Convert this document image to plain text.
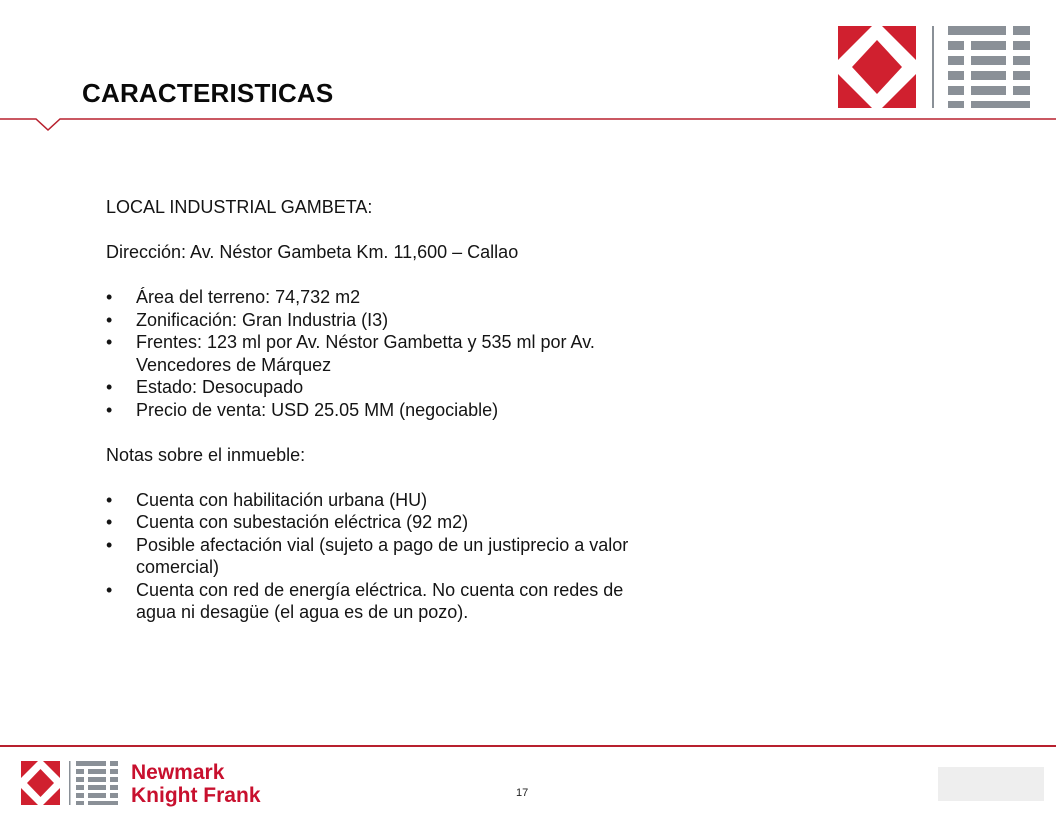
CARACTERISTICAS

LOCAL INDUSTRIAL GAMBETA:

Dirección: Av. Néstor Gambeta Km. 11,600 – Callao

• Área del terreno: 74,732 m2
• Zonificación: Gran Industria (I3)
• Frentes: 123 ml por Av. Néstor Gambetta y 535 ml por Av. Vencedores de Márquez
• Estado: Desocupado
• Precio de venta: USD 25.05 MM (negociable)

Notas sobre el inmueble:

• Cuenta con habilitación urbana (HU)
• Cuenta con subestación eléctrica (92 m2)
• Posible afectación vial (sujeto a pago de un justiprecio a valor comercial)
• Cuenta con red de energía eléctrica. No cuenta con redes de agua ni desagüe (el agua es de un pozo).
Newmark
Knight Frank	17
